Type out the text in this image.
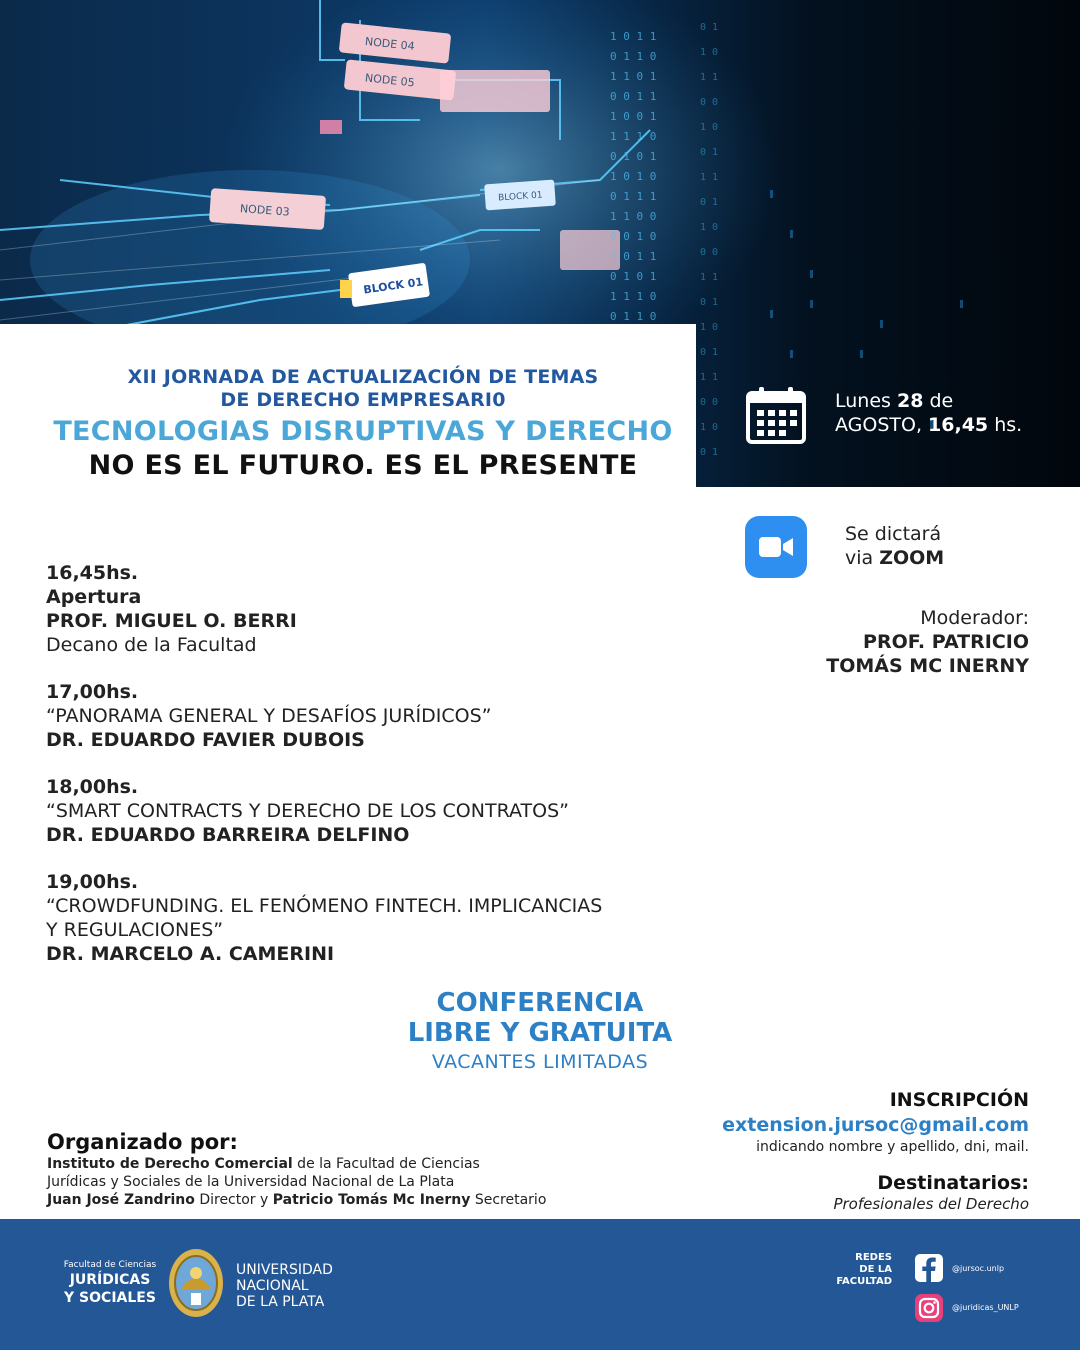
NODE 04
NODE 05
NODE 03
BLOCK 01
BLOCK 01
1 0 1 1
0 1 1 0
1 1 0 1
0 0 1 1
1 0 0 1
1 1 1 0
0 1 0 1
1 0 1 0
0 1 1 1
1 1 0 0
0 0 1 0
1 0 1 1
0 1 0 1
1 1 1 0
0 1 1 0
0 1
1 0
1 1
0 0
1 0
0 1
1 1
0 1
1 0
0 0
1 1
0 1
1 0
0 1
1 1
0 0
1 0
0 1
XII JORNADA DE ACTUALIZACIÓN DE TEMAS
DE DERECHO EMPRESARI0
TECNOLOGIAS DISRUPTIVAS Y DERECHO
NO ES EL FUTURO. ES EL PRESENTE
Lunes 28 de
AGOSTO, 16,45 hs.
Se dictará
via ZOOM
Moderador:
PROF. PATRICIO
TOMÁS MC INERNY
16,45hs.
Apertura
PROF. MIGUEL O. BERRI
Decano de la Facultad
17,00hs.
“PANORAMA GENERAL Y DESAFÍOS JURÍDICOS”
DR. EDUARDO FAVIER DUBOIS
18,00hs.
“SMART CONTRACTS Y DERECHO DE LOS CONTRATOS”
DR. EDUARDO BARREIRA DELFINO
19,00hs.
“CROWDFUNDING. EL FENÓMENO FINTECH. IMPLICANCIAS
Y REGULACIONES”
DR. MARCELO A. CAMERINI
CONFERENCIA
LIBRE Y GRATUITA
VACANTES LIMITADAS
INSCRIPCIÓN
extension.jursoc@gmail.com
indicando nombre y apellido, dni, mail.
Destinatarios:
Profesionales del Derecho
Organizado por:
Instituto de Derecho Comercial de la Facultad de Ciencias
Jurídicas y Sociales de la Universidad Nacional de La Plata
Juan José Zandrino Director y Patricio Tomás Mc Inerny Secretario
Facultad de Ciencias
JURÍDICAS
Y SOCIALES
UNIVERSIDAD
NACIONAL
DE LA PLATA
REDES
DE LA
FACULTAD
@jursoc.unlp
@juridicas_UNLP
